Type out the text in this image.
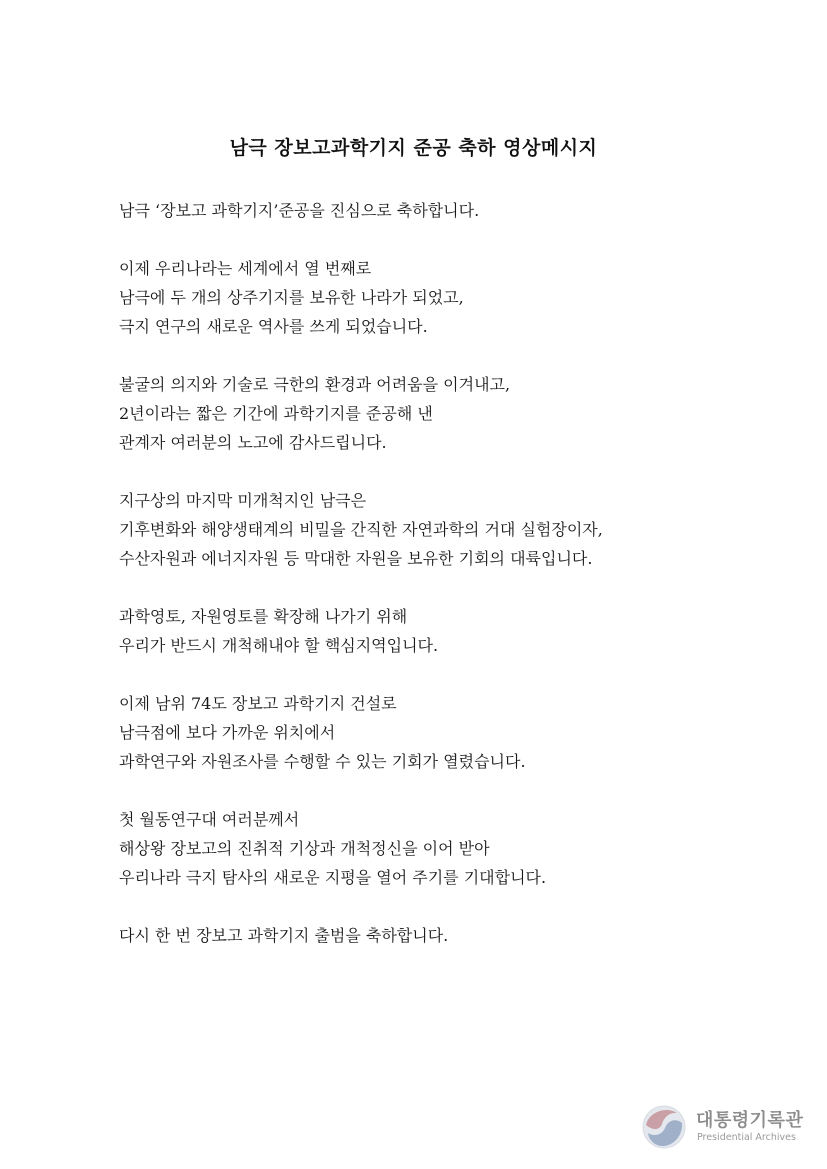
남극 장보고과학기지 준공 축하 영상메시지

남극 ‘장보고 과학기지’준공을 진심으로 축하합니다.

이제 우리나라는 세계에서 열 번째로
남극에 두 개의 상주기지를 보유한 나라가 되었고,
극지 연구의 새로운 역사를 쓰게 되었습니다.

불굴의 의지와 기술로 극한의 환경과 어려움을 이겨내고,
2년이라는 짧은 기간에 과학기지를 준공해 낸
관계자 여러분의 노고에 감사드립니다.

지구상의 마지막 미개척지인 남극은
기후변화와 해양생태계의 비밀을 간직한 자연과학의 거대 실험장이자,
수산자원과 에너지자원 등 막대한 자원을 보유한 기회의 대륙입니다.

과학영토, 자원영토를 확장해 나가기 위해
우리가 반드시 개척해내야 할 핵심지역입니다.

이제 남위 74도 장보고 과학기지 건설로
남극점에 보다 가까운 위치에서
과학연구와 자원조사를 수행할 수 있는 기회가 열렸습니다.

첫 월동연구대 여러분께서
해상왕 장보고의 진취적 기상과 개척정신을 이어 받아
우리나라 극지 탐사의 새로운 지평을 열어 주기를 기대합니다.

다시 한 번 장보고 과학기지 출범을 축하합니다.

대통령기록관
Presidential Archives
